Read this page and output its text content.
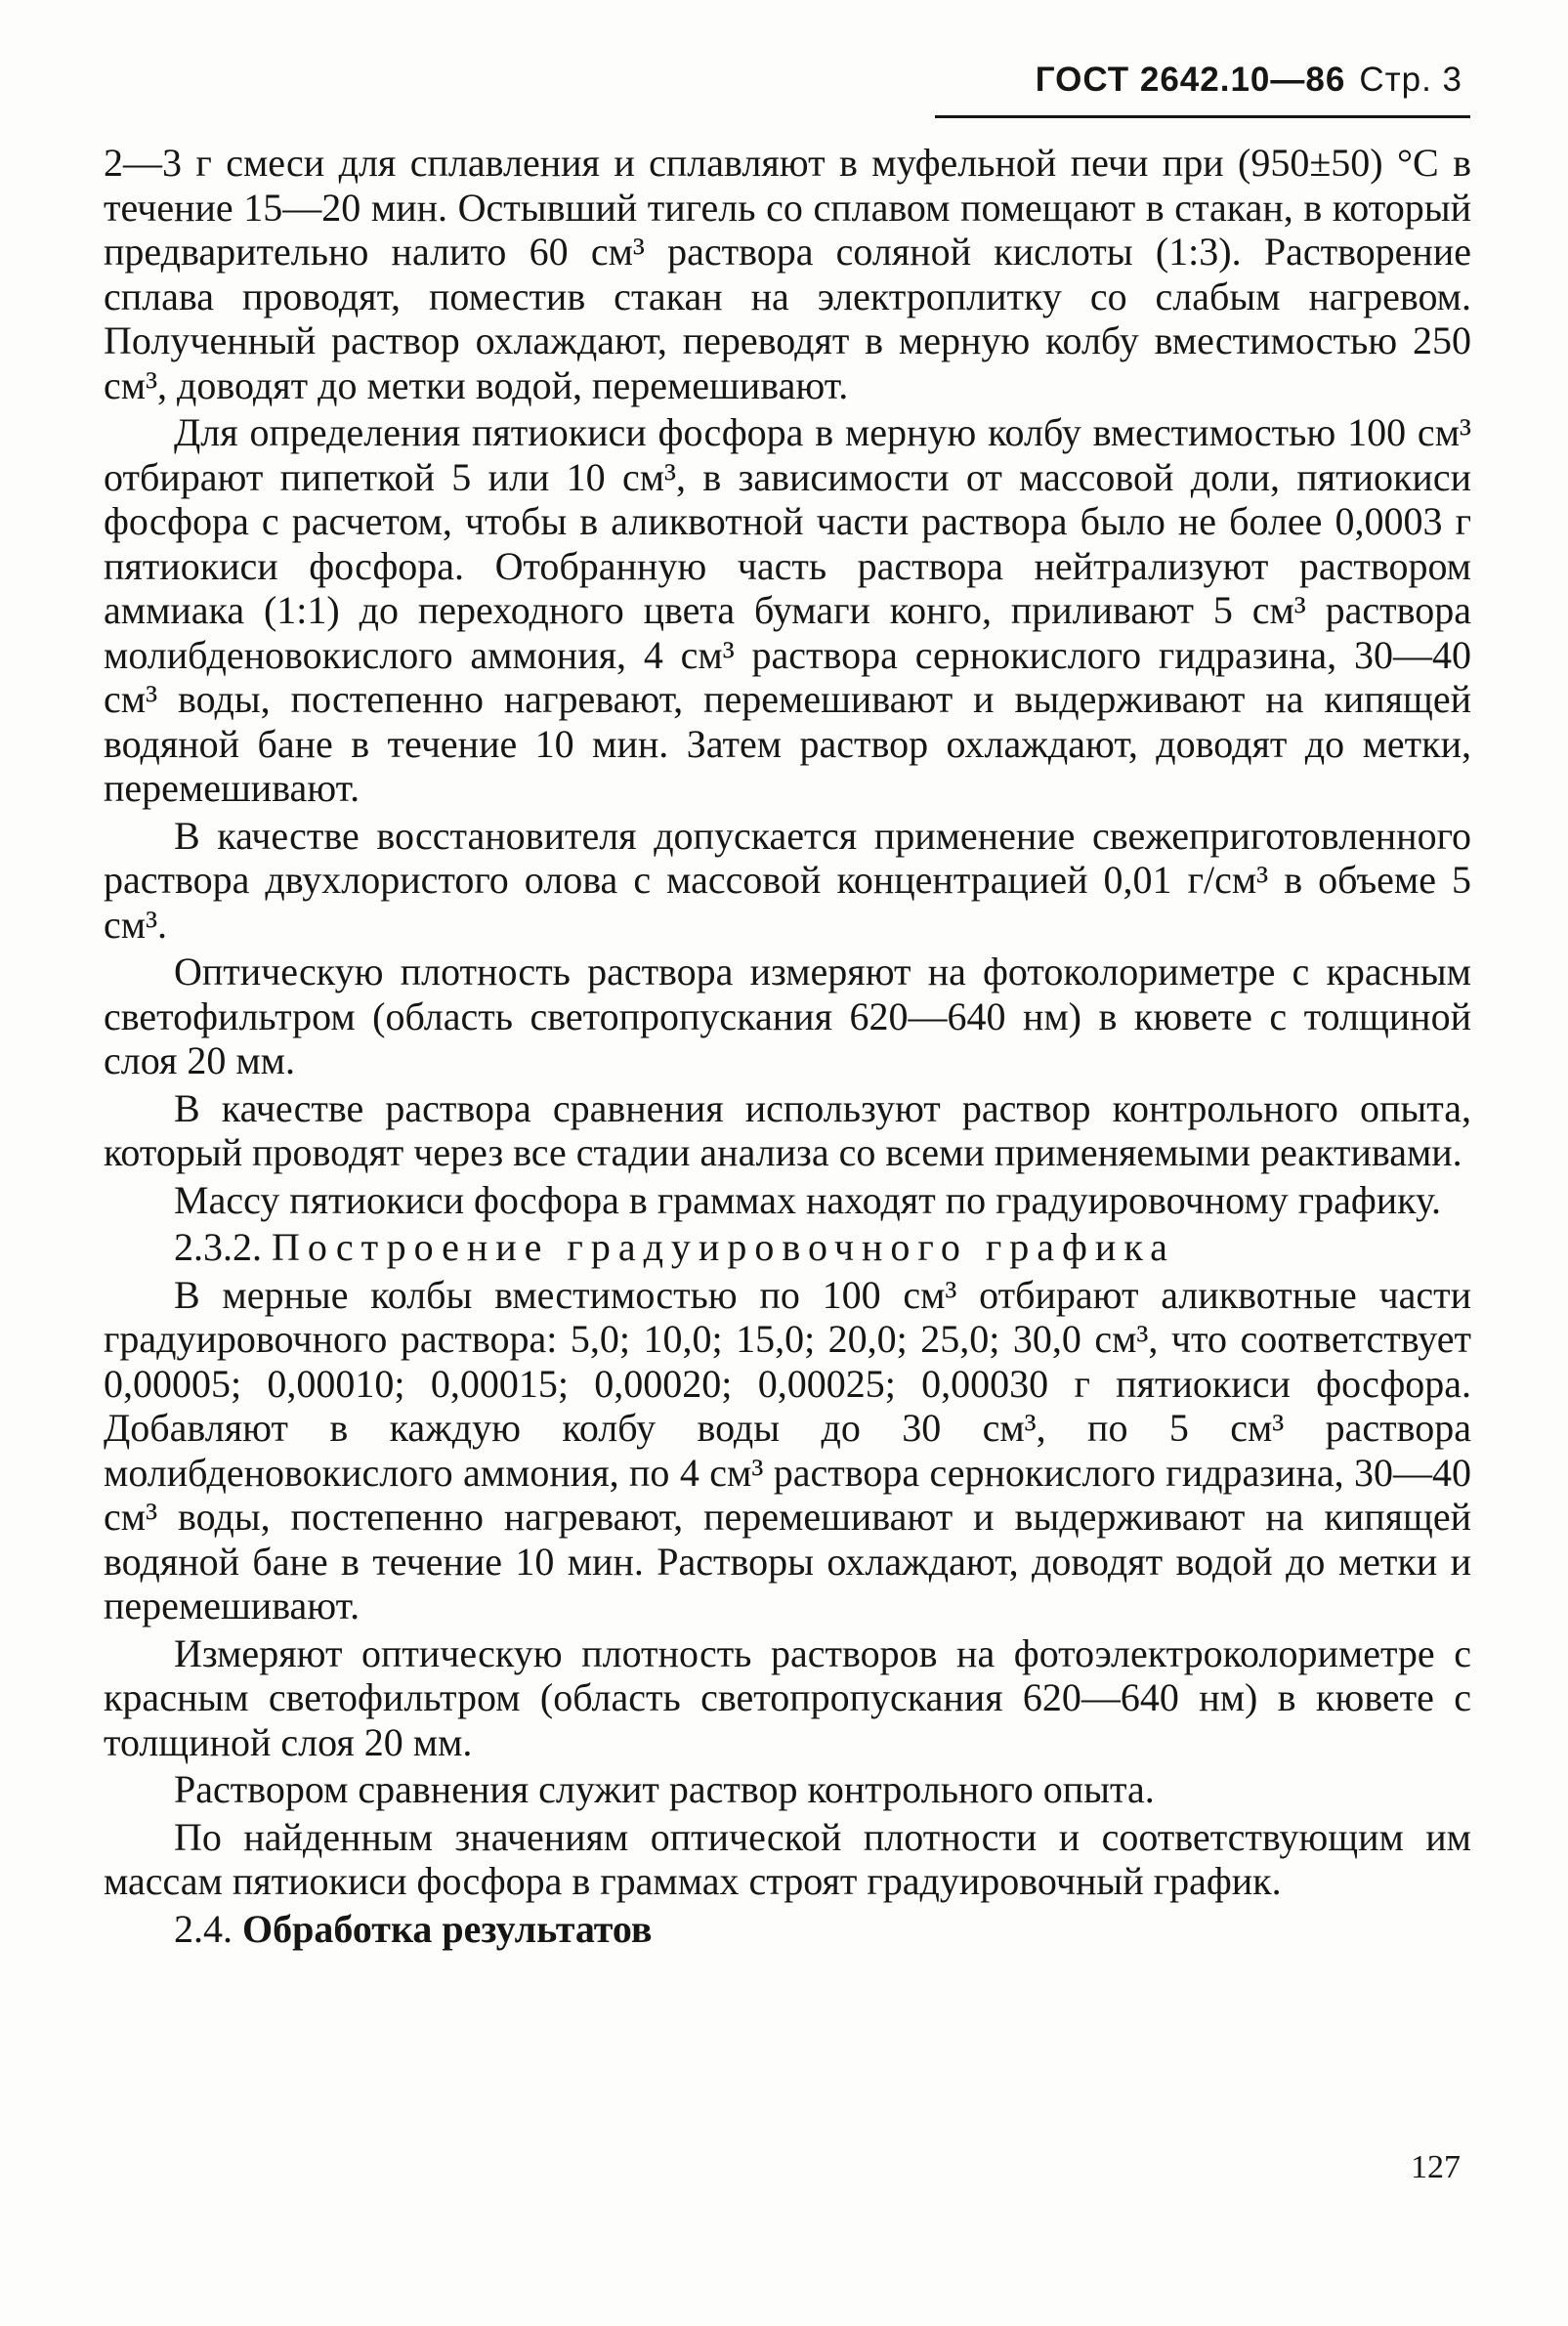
ГОСТ 2642.10—86 Стр. 3

2—3 г смеси для сплавления и сплавляют в муфельной печи при (950±50) °С в течение 15—20 мин. Остывший тигель со сплавом помещают в стакан, в который предварительно налито 60 см³ раствора соляной кислоты (1:3). Растворение сплава проводят, поместив стакан на электроплитку со слабым нагревом. Полученный раствор охлаждают, переводят в мерную колбу вместимостью 250 см³, доводят до метки водой, перемешивают.

Для определения пятиокиси фосфора в мерную колбу вместимостью 100 см³ отбирают пипеткой 5 или 10 см³, в зависимости от массовой доли, пятиокиси фосфора с расчетом, чтобы в аликвотной части раствора было не более 0,0003 г пятиокиси фосфора. Отобранную часть раствора нейтрализуют раствором аммиака (1:1) до переходного цвета бумаги конго, приливают 5 см³ раствора молибденовокислого аммония, 4 см³ раствора сернокислого гидразина, 30—40 см³ воды, постепенно нагревают, перемешивают и выдерживают на кипящей водяной бане в течение 10 мин. Затем раствор охлаждают, доводят до метки, перемешивают.

В качестве восстановителя допускается применение свежеприготовленного раствора двухлористого олова с массовой концентрацией 0,01 г/см³ в объеме 5 см³.

Оптическую плотность раствора измеряют на фотоколориметре с красным светофильтром (область светопропускания 620—640 нм) в кювете с толщиной слоя 20 мм.

В качестве раствора сравнения используют раствор контрольного опыта, который проводят через все стадии анализа со всеми применяемыми реактивами.

Массу пятиокиси фосфора в граммах находят по градуировочному графику.

2.3.2. Построение градуировочного графика

В мерные колбы вместимостью по 100 см³ отбирают аликвотные части градуировочного раствора: 5,0; 10,0; 15,0; 20,0; 25,0; 30,0 см³, что соответствует 0,00005; 0,00010; 0,00015; 0,00020; 0,00025; 0,00030 г пятиокиси фосфора. Добавляют в каждую колбу воды до 30 см³, по 5 см³ раствора молибденовокислого аммония, по 4 см³ раствора сернокислого гидразина, 30—40 см³ воды, постепенно нагревают, перемешивают и выдерживают на кипящей водяной бане в течение 10 мин. Растворы охлаждают, доводят водой до метки и перемешивают.

Измеряют оптическую плотность растворов на фотоэлектроколориметре с красным светофильтром (область светопропускания 620—640 нм) в кювете с толщиной слоя 20 мм.

Раствором сравнения служит раствор контрольного опыта.

По найденным значениям оптической плотности и соответствующим им массам пятиокиси фосфора в граммах строят градуировочный график.

2.4. Обработка результатов

127
